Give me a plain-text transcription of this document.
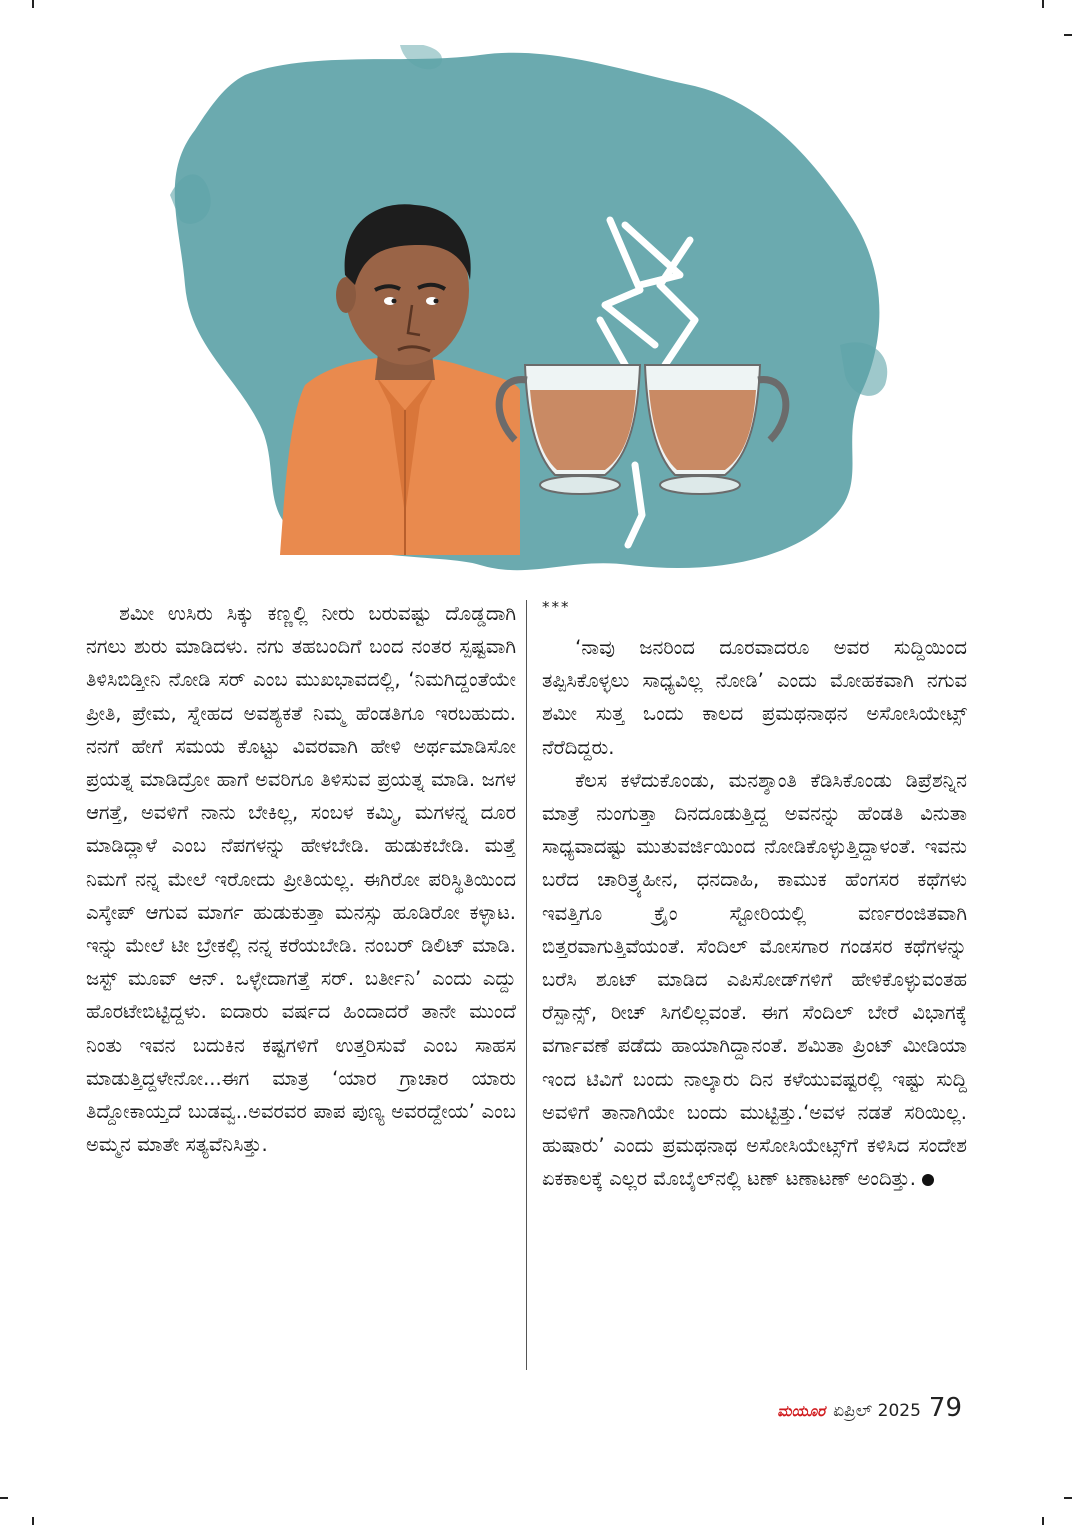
ಶಮೀ ಉಸಿರು ಸಿಕ್ಕು ಕಣ್ಣಲ್ಲಿ ನೀರು ಬರುವಷ್ಟು ದೊಡ್ಡದಾಗಿ ನಗಲು ಶುರು ಮಾಡಿದಳು. ನಗು ತಹಬಂದಿಗೆ ಬಂದ ನಂತರ ಸ್ಪಷ್ಟವಾಗಿ ತಿಳಿಸಿಬಿಡ್ತೀನಿ ನೋಡಿ ಸರ್ ಎಂಬ ಮುಖಭಾವದಲ್ಲಿ, ‘ನಿಮಗಿದ್ದಂತೆಯೇ ಪ್ರೀತಿ, ಪ್ರೇಮ, ಸ್ನೇಹದ ಅವಶ್ಯಕತೆ ನಿಮ್ಮ ಹೆಂಡತಿಗೂ ಇರಬಹುದು. ನನಗೆ ಹೇಗೆ ಸಮಯ ಕೊಟ್ಟು ವಿವರವಾಗಿ ಹೇಳಿ ಅರ್ಥಮಾಡಿಸೋ ಪ್ರಯತ್ನ ಮಾಡಿದ್ರೋ ಹಾಗೆ ಅವರಿಗೂ ತಿಳಿಸುವ ಪ್ರಯತ್ನ ಮಾಡಿ. ಜಗಳ ಆಗತ್ತೆ, ಅವಳಿಗೆ ನಾನು ಬೇಕಿಲ್ಲ, ಸಂಬಳ ಕಮ್ಮಿ, ಮಗಳನ್ನ ದೂರ ಮಾಡಿದ್ಲಾಳೆ ಎಂಬ ನೆಪಗಳನ್ನು ಹೇಳಬೇಡಿ. ಹುಡುಕಬೇಡಿ. ಮತ್ತೆ ನಿಮಗೆ ನನ್ನ ಮೇಲೆ ಇರೋದು ಪ್ರೀತಿಯಲ್ಲ. ಈಗಿರೋ ಪರಿಸ್ಥಿತಿಯಿಂದ ಎಸ್ಕೇಪ್ ಆಗುವ ಮಾರ್ಗ ಹುಡುಕುತ್ತಾ ಮನಸ್ಸು ಹೂಡಿರೋ ಕಳ್ಳಾಟ. ಇನ್ನು ಮೇಲೆ ಟೀ ಬ್ರೇಕಲ್ಲಿ ನನ್ನ ಕರೆಯಬೇಡಿ. ನಂಬರ್ ಡಿಲಿಟ್ ಮಾಡಿ. ಜಸ್ಟ್ ಮೂವ್ ಆನ್. ಒಳ್ಳೇದಾಗತ್ತೆ ಸರ್. ಬರ್ತೀನಿ’ ಎಂದು ಎದ್ದು ಹೊರಟೇಬಿಟ್ಟಿದ್ದಳು. ಐದಾರು ವರ್ಷದ ಹಿಂದಾದರೆ ತಾನೇ ಮುಂದೆ ನಿಂತು ಇವನ ಬದುಕಿನ ಕಷ್ಟಗಳಿಗೆ ಉತ್ತರಿಸುವೆ ಎಂಬ ಸಾಹಸ ಮಾಡುತ್ತಿದ್ದಳೇನೋ...ಈಗ ಮಾತ್ರ ‘ಯಾರ ಗ್ರಾಚಾರ ಯಾರು ತಿದ್ದೋಕಾಯ್ತದೆ ಬುಡವ್ವ..ಅವರವರ ಪಾಪ ಪುಣ್ಯ ಅವರದ್ದೇಯ’ ಎಂಬ ಅಮ್ಮನ ಮಾತೇ ಸತ್ಯವೆನಿಸಿತ್ತು.

***

‘ನಾವು ಜನರಿಂದ ದೂರವಾದರೂ ಅವರ ಸುದ್ದಿಯಿಂದ ತಪ್ಪಿಸಿಕೊಳ್ಳಲು ಸಾಧ್ಯವಿಲ್ಲ ನೋಡಿ’ ಎಂದು ಮೋಹಕವಾಗಿ ನಗುವ ಶಮೀ ಸುತ್ತ ಒಂದು ಕಾಲದ ಪ್ರಮಥನಾಥನ ಅಸೋಸಿಯೇಟ್ಸ್ ನೆರೆದಿದ್ದರು.

ಕೆಲಸ ಕಳೆದುಕೊಂಡು, ಮನಶ್ಶಾಂತಿ ಕೆಡಿಸಿಕೊಂಡು ಡಿಪ್ರೆಶನ್ನಿನ ಮಾತ್ರೆ ನುಂಗುತ್ತಾ ದಿನದೂಡುತ್ತಿದ್ದ ಅವನನ್ನು ಹೆಂಡತಿ ವಿನುತಾ ಸಾಧ್ಯವಾದಷ್ಟು ಮುತುವರ್ಜಿಯಿಂದ ನೋಡಿಕೊಳ್ಳುತ್ತಿದ್ದಾಳಂತೆ. ಇವನು ಬರೆದ ಚಾರಿತ್ರ್ಯಹೀನ, ಧನದಾಹಿ, ಕಾಮುಕ ಹೆಂಗಸರ ಕಥೆಗಳು ಇವತ್ತಿಗೂ ಕ್ರೈಂ ಸ್ಟೋರಿಯಲ್ಲಿ ವರ್ಣರಂಜಿತವಾಗಿ ಬಿತ್ತರವಾಗುತ್ತಿವೆಯಂತೆ. ಸೆಂದಿಲ್ ಮೋಸಗಾರ ಗಂಡಸರ ಕಥೆಗಳನ್ನು ಬರೆಸಿ ಶೂಟ್ ಮಾಡಿದ ಎಪಿಸೋಡ್‌ಗಳಿಗೆ ಹೇಳಿಕೊಳ್ಳುವಂತಹ ರೆಸ್ಪಾನ್ಸ್, ರೀಚ್ ಸಿಗಲಿಲ್ಲವಂತೆ. ಈಗ ಸೆಂದಿಲ್ ಬೇರೆ ವಿಭಾಗಕ್ಕೆ ವರ್ಗಾವಣೆ ಪಡೆದು ಹಾಯಾಗಿದ್ದಾನಂತೆ. ಶಮಿತಾ ಪ್ರಿಂಟ್ ಮೀಡಿಯಾ ಇಂದ ಟಿವಿಗೆ ಬಂದು ನಾಲ್ಕಾರು ದಿನ ಕಳೆಯುವಷ್ಟರಲ್ಲಿ ಇಷ್ಟು ಸುದ್ದಿ ಅವಳಿಗೆ ತಾನಾಗಿಯೇ ಬಂದು ಮುಟ್ಟಿತ್ತು.‘ಅವಳ ನಡತೆ ಸರಿಯಿಲ್ಲ. ಹುಷಾರು’ ಎಂದು ಪ್ರಮಥನಾಥ ಅಸೋಸಿಯೇಟ್ಸ್‌ಗೆ ಕಳಿಸಿದ ಸಂದೇಶ ಏಕಕಾಲಕ್ಕೆ ಎಲ್ಲರ ಮೊಬೈಲ್‌ನಲ್ಲಿ ಟಣ್ ಟಣಾಟಣ್ ಅಂದಿತ್ತು.

ಮಯೂರ ಏಪ್ರಿಲ್ 2025 79
